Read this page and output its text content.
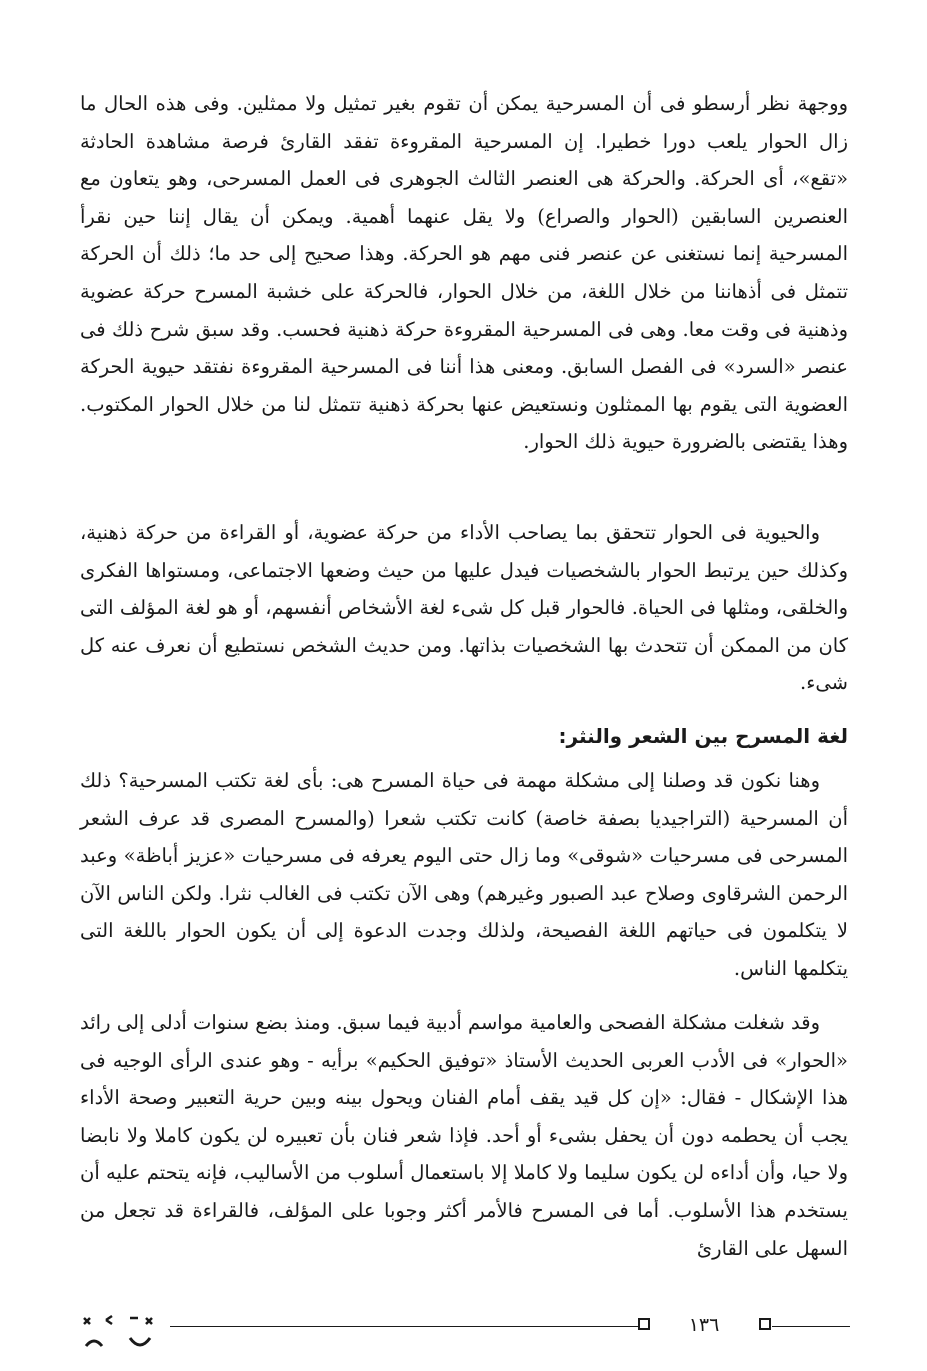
ووجهة نظر أرسطو فى أن المسرحية يمكن أن تقوم بغير تمثيل ولا ممثلين. وفى هذه الحال ما زال الحوار يلعب دورا خطيرا. إن المسرحية المقروءة تفقد القارئ فرصة مشاهدة الحادثة «تقع»، أى الحركة. والحركة هى العنصر الثالث الجوهرى فى العمل المسرحى، وهو يتعاون مع العنصرين السابقين (الحوار والصراع) ولا يقل عنهما أهمية. ويمكن أن يقال إننا حين نقرأ المسرحية إنما نستغنى عن عنصر فنى مهم هو الحركة. وهذا صحيح إلى حد ما؛ ذلك أن الحركة تتمثل فى أذهاننا من خلال اللغة، من خلال الحوار، فالحركة على خشبة المسرح حركة عضوية وذهنية فى وقت معا. وهى فى المسرحية المقروءة حركة ذهنية فحسب. وقد سبق شرح ذلك فى عنصر «السرد» فى الفصل السابق. ومعنى هذا أننا فى المسرحية المقروءة نفتقد حيوية الحركة العضوية التى يقوم بها الممثلون ونستعيض عنها بحركة ذهنية تتمثل لنا من خلال الحوار المكتوب. وهذا يقتضى بالضرورة حيوية ذلك الحوار.

والحيوية فى الحوار تتحقق بما يصاحب الأداء من حركة عضوية، أو القراءة من حركة ذهنية، وكذلك حين يرتبط الحوار بالشخصيات فيدل عليها من حيث وضعها الاجتماعى، ومستواها الفكرى والخلقى، ومثلها فى الحياة. فالحوار قبل كل شىء لغة الأشخاص أنفسهم، أو هو لغة المؤلف التى كان من الممكن أن تتحدث بها الشخصيات بذاتها. ومن حديث الشخص نستطيع أن نعرف عنه كل شىء.

لغة المسرح بين الشعر والنثر:

وهنا نكون قد وصلنا إلى مشكلة مهمة فى حياة المسرح هى: بأى لغة تكتب المسرحية؟ ذلك أن المسرحية (التراجيديا بصفة خاصة) كانت تكتب شعرا (والمسرح المصرى قد عرف الشعر المسرحى فى مسرحيات «شوقى» وما زال حتى اليوم يعرفه فى مسرحيات «عزيز أباظة» وعبد الرحمن الشرقاوى وصلاح عبد الصبور وغيرهم) وهى الآن تكتب فى الغالب نثرا. ولكن الناس الآن لا يتكلمون فى حياتهم اللغة الفصيحة، ولذلك وجدت الدعوة إلى أن يكون الحوار باللغة التى يتكلمها الناس.

وقد شغلت مشكلة الفصحى والعامية مواسم أدبية فيما سبق. ومنذ بضع سنوات أدلى إلى رائد «الحوار» فى الأدب العربى الحديث الأستاذ «توفيق الحكيم» برأيه - وهو عندى الرأى الوجيه فى هذا الإشكال - فقال: «إن كل قيد يقف أمام الفنان ويحول بينه وبين حرية التعبير وصحة الأداء يجب أن يحطمه دون أن يحفل بشىء أو أحد. فإذا شعر فنان بأن تعبيره لن يكون كاملا ولا نابضا ولا حيا، وأن أداءه لن يكون سليما ولا كاملا إلا باستعمال أسلوب من الأساليب، فإنه يتحتم عليه أن يستخدم هذا الأسلوب. أما فى المسرح فالأمر أكثر وجوبا على المؤلف، فالقراءة قد تجعل من السهل على القارئ

١٣٦
